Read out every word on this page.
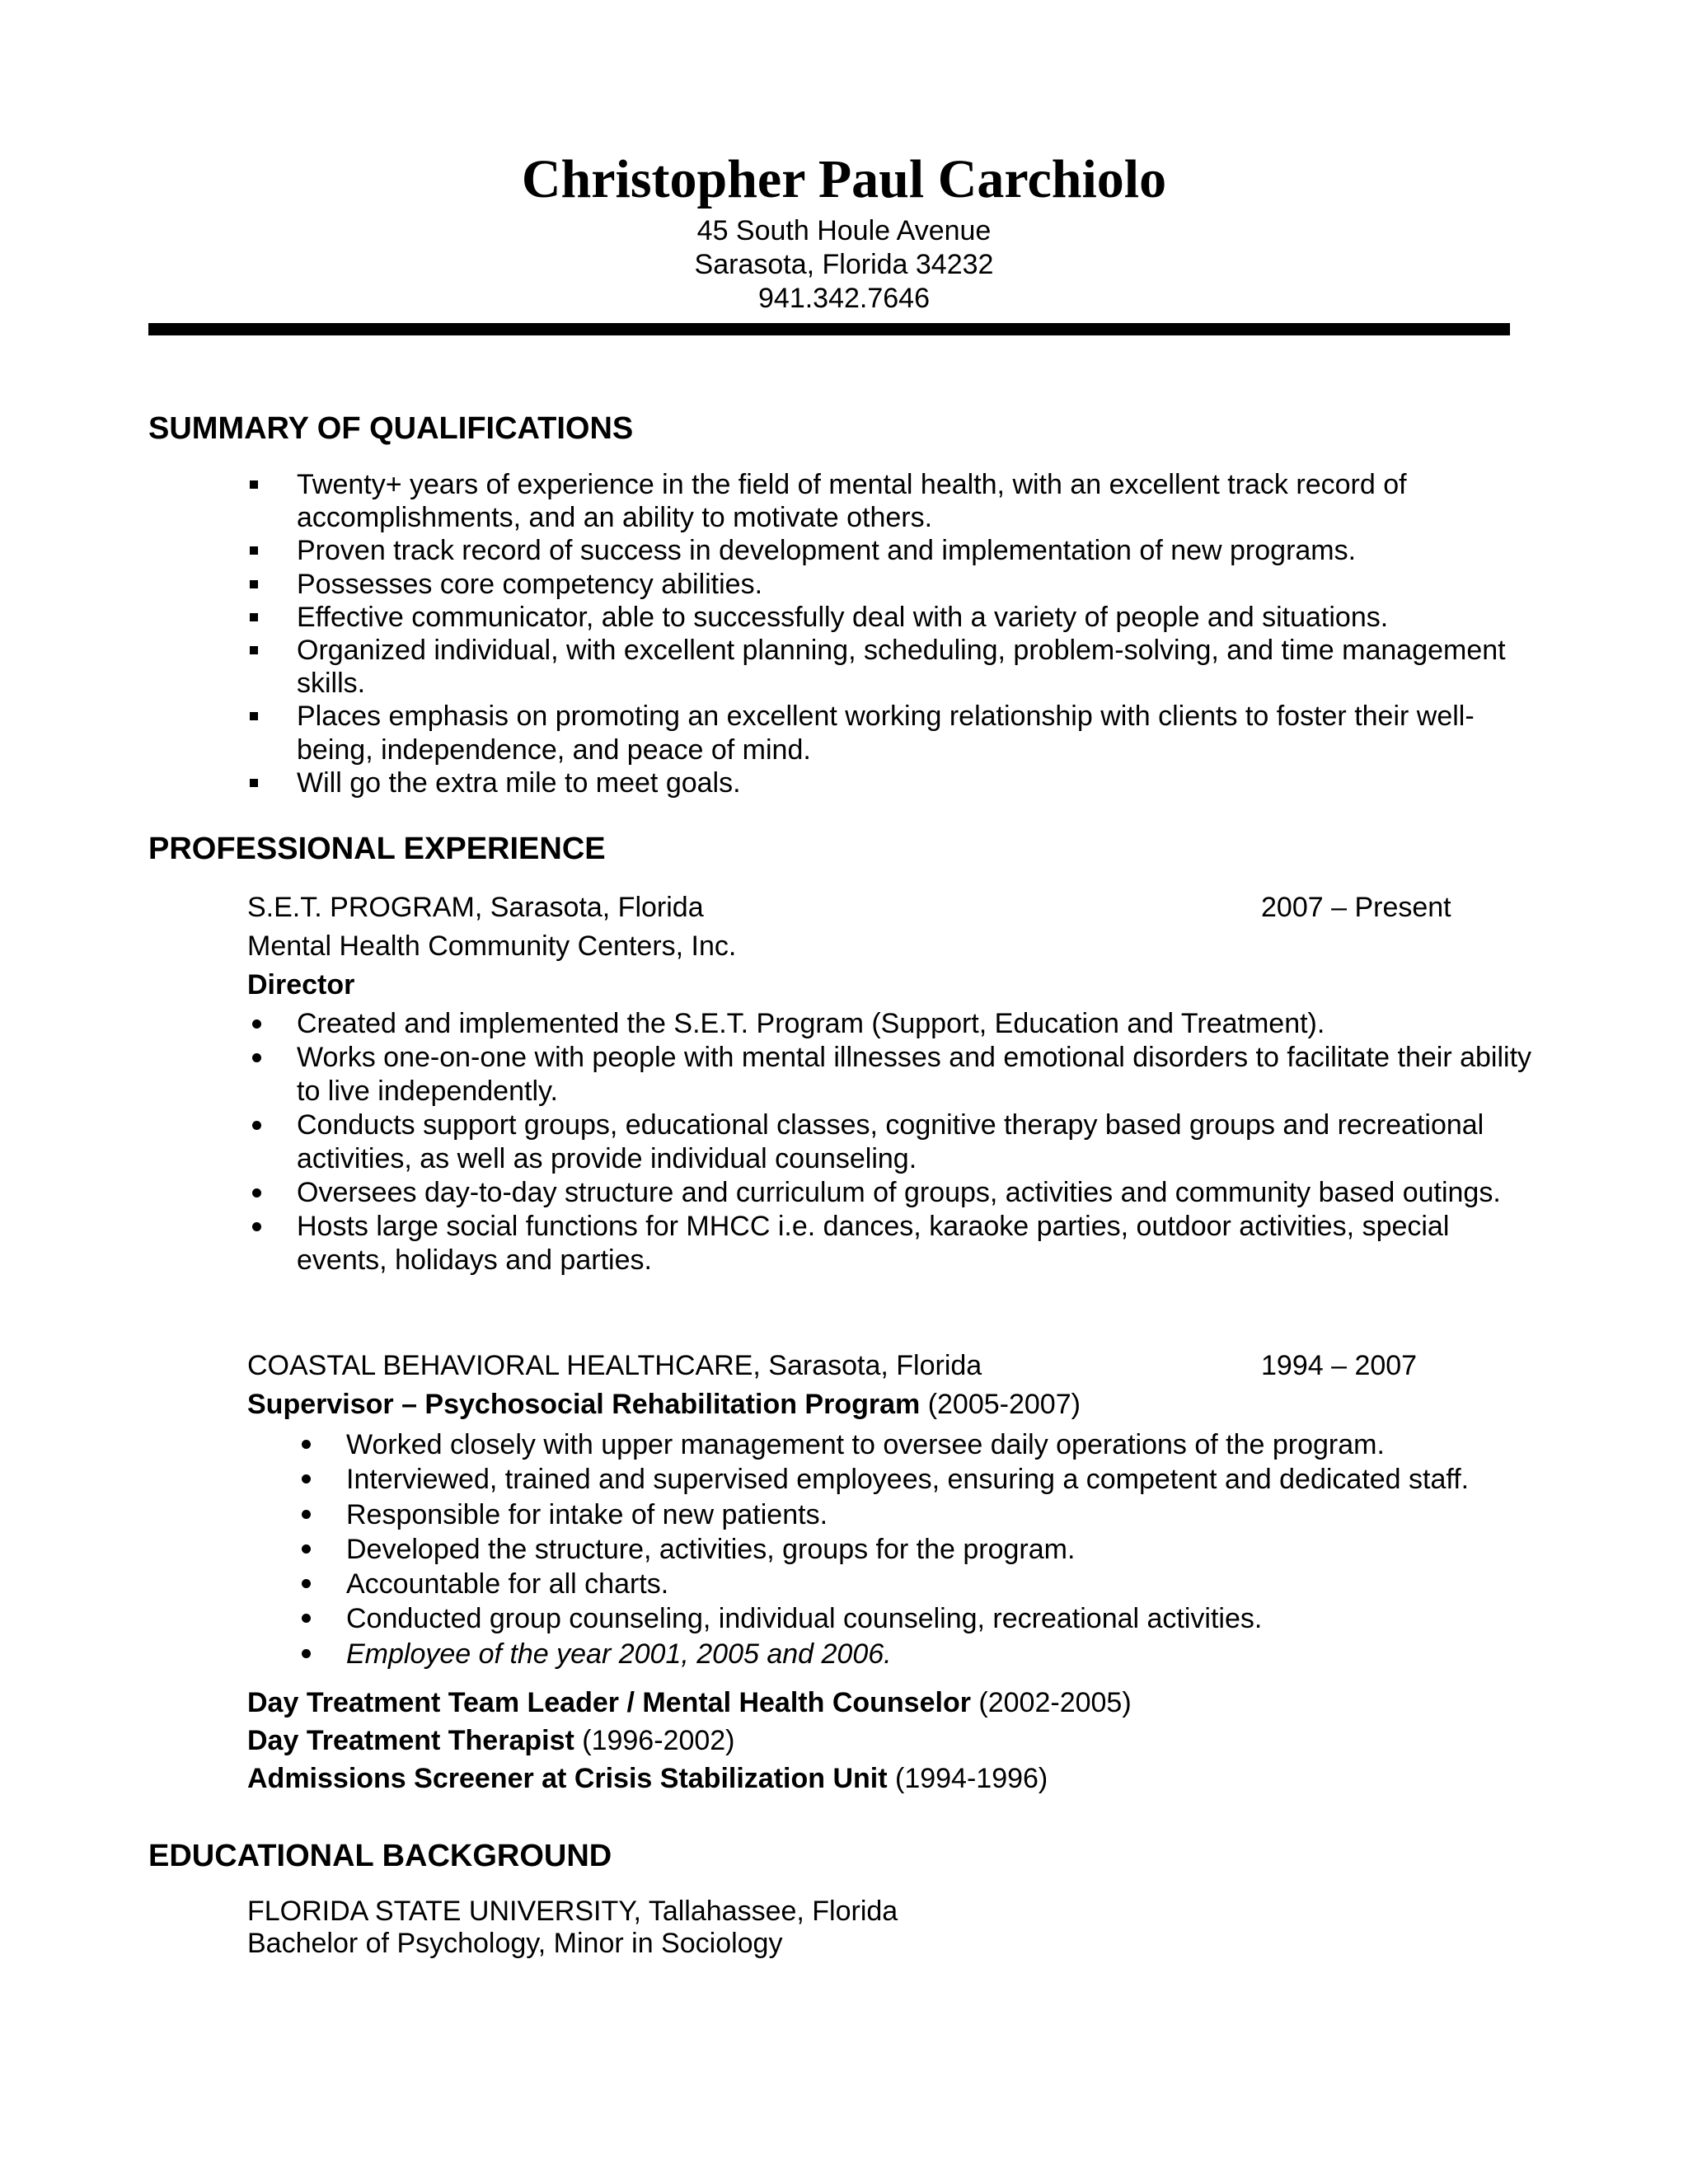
Christopher Paul Carchiolo
45 South Houle Avenue
Sarasota, Florida 34232
941.342.7646
SUMMARY OF QUALIFICATIONS
Twenty+ years of experience in the field of mental health, with an excellent track record of accomplishments, and an ability to motivate others.
Proven track record of success in development and implementation of new programs.
Possesses core competency abilities.
Effective communicator, able to successfully deal with a variety of people and situations.
Organized individual, with excellent planning, scheduling, problem-solving, and time management skills.
Places emphasis on promoting an excellent working relationship with clients to foster their well-being, independence, and peace of mind.
Will go the extra mile to meet goals.
PROFESSIONAL EXPERIENCE
S.E.T. PROGRAM, Sarasota, Florida	2007 – Present
Mental Health Community Centers, Inc.
Director
Created and implemented the S.E.T. Program (Support, Education and Treatment).
Works one-on-one with people with mental illnesses and emotional disorders to facilitate their ability to live independently.
Conducts support groups, educational classes, cognitive therapy based groups and recreational activities, as well as provide individual counseling.
Oversees day-to-day structure and curriculum of groups, activities and community based outings.
Hosts large social functions for MHCC i.e. dances, karaoke parties, outdoor activities, special events, holidays and parties.
COASTAL BEHAVIORAL HEALTHCARE, Sarasota, Florida	1994 – 2007
Supervisor – Psychosocial Rehabilitation Program (2005-2007)
Worked closely with upper management to oversee daily operations of the program.
Interviewed, trained and supervised employees, ensuring a competent and dedicated staff.
Responsible for intake of new patients.
Developed the structure, activities, groups for the program.
Accountable for all charts.
Conducted group counseling, individual counseling, recreational activities.
Employee of the year 2001, 2005 and 2006.
Day Treatment Team Leader / Mental Health Counselor (2002-2005)
Day Treatment Therapist (1996-2002)
Admissions Screener at Crisis Stabilization Unit (1994-1996)
EDUCATIONAL BACKGROUND
FLORIDA STATE UNIVERSITY, Tallahassee, Florida
Bachelor of Psychology, Minor in Sociology
